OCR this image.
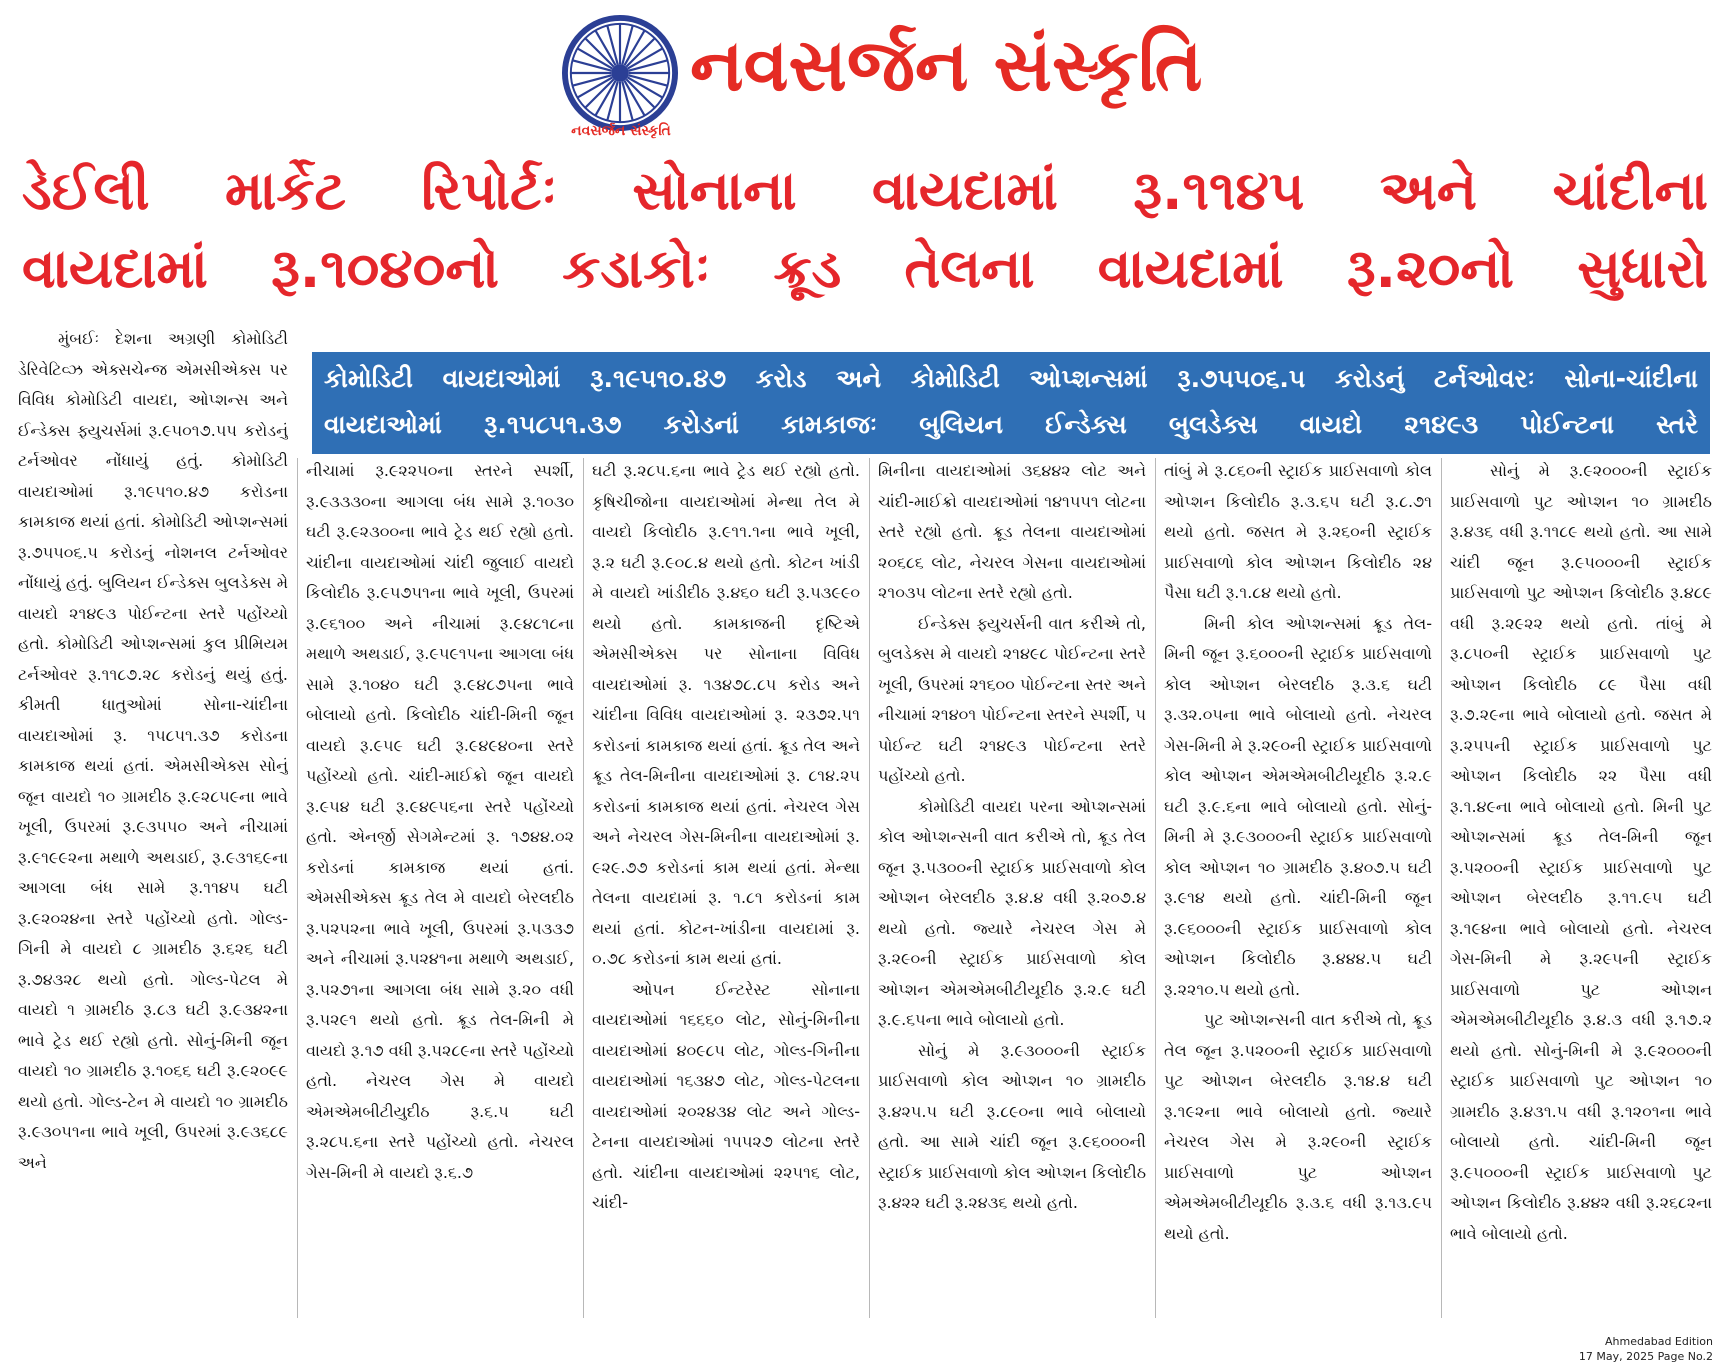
નવસર્જન સંસ્કૃતિ
નવસર્જન સંસ્કૃતિ
ડેઈલી માર્કેટ રિપોર્ટઃ સોનાના વાયદામાં રૂ.૧૧૪૫ અને ચાંદીના
વાયદામાં રૂ.૧૦૪૦નો કડાકોઃ ક્રૂડ તેલના વાયદામાં રૂ.૨૦નો સુધારો
કોમોડિટી વાયદાઓમાં રૂ.૧૯૫૧૦.૪૭ કરોડ અને કોમોડિટી ઓપ્શન્સમાં રૂ.૭૫૫૦૬.૫ કરોડનું ટર્નઓવરઃ સોના-ચાંદીના
વાયદાઓમાં રૂ.૧૫૮૫૧.૩૭ કરોડનાં કામકાજઃ બુલિયન ઈન્ડેક્સ બુલડેક્સ વાયદો ૨૧૪૯૩ પોઈન્ટના સ્તરે

મુંબઈઃ દેશના અગ્રણી કોમોડિટી ડેરિવેટિવ્ઝ એક્સચેન્જ એમસીએક્સ પર વિવિધ કોમોડિટી વાયદા, ઓપ્શન્સ અને ઈન્ડેક્સ ફ્યુચર્સમાં રૂ.૯૫૦૧૭.૫૫ કરોડનું ટર્નઓવર નોંધાયું હતું. કોમોડિટી વાયદાઓમાં રૂ.૧૯૫૧૦.૪૭ કરોડના કામકાજ થયાં હતાં. કોમોડિટી ઓપ્શન્સમાં રૂ.૭૫૫૦૬.૫ કરોડનું નોશનલ ટર્નઓવર નોંધાયું હતું. બુલિયન ઈન્ડેક્સ બુલડેક્સ મે વાયદો ૨૧૪૯૩ પોઈન્ટના સ્તરે પહોંચ્યો હતો. કોમોડિટી ઓપ્શન્સમાં કુલ પ્રીમિયમ ટર્નઓવર રૂ.૧૧૮૭.૨૮ કરોડનું થયું હતું. કીમતી ધાતુઓમાં સોના-ચાંદીના વાયદાઓમાં રૂ. ૧૫૮૫૧.૩૭ કરોડના કામકાજ થયાં હતાં. એમસીએક્સ સોનું જૂન વાયદો ૧૦ ગ્રામદીઠ રૂ.૯૨૮૫૯ના ભાવે ખૂલી, ઉપરમાં રૂ.૯૩૫૫૦ અને નીચામાં રૂ.૯૧૯૯૨ના મથાળે અથડાઈ, રૂ.૯૩૧૬૯ના આગલા બંધ સામે રૂ.૧૧૪૫ ઘટી રૂ.૯૨૦૨૪ના સ્તરે પહોંચ્યો હતો. ગોલ્ડ-ગિની મે વાયદો ૮ ગ્રામદીઠ રૂ.૬૨૬ ઘટી રૂ.૭૪૩૨૮ થયો હતો. ગોલ્ડ-પેટલ મે વાયદો ૧ ગ્રામદીઠ રૂ.૮૩ ઘટી રૂ.૯૩૪૨ના ભાવે ટ્રેડ થઈ રહ્યો હતો. સોનું-મિની જૂન વાયદો ૧૦ ગ્રામદીઠ રૂ.૧૦૬૬ ઘટી રૂ.૯૨૦૯૯ થયો હતો. ગોલ્ડ-ટેન મે વાયદો ૧૦ ગ્રામદીઠ રૂ.૯૩૦૫૧ના ભાવે ખૂલી, ઉપરમાં રૂ.૯૩૬૮૯ અને

નીચામાં રૂ.૯૨૨૫૦ના સ્તરને સ્પર્શી, રૂ.૯૩૩૩૦ના આગલા બંધ સામે રૂ.૧૦૩૦ ઘટી રૂ.૯૨૩૦૦ના ભાવે ટ્રેડ થઈ રહ્યો હતો. ચાંદીના વાયદાઓમાં ચાંદી જુલાઈ વાયદો કિલોદીઠ રૂ.૯૫૭૫૧ના ભાવે ખૂલી, ઉપરમાં રૂ.૯૬૧૦૦ અને નીચામાં રૂ.૯૪૮૧૮ના મથાળે અથડાઈ, રૂ.૯૫૯૧૫ના આગલા બંધ સામે રૂ.૧૦૪૦ ઘટી રૂ.૯૪૮૭૫ના ભાવે બોલાયો હતો. કિલોદીઠ ચાંદી-મિની જૂન વાયદો રૂ.૯૫૯ ઘટી રૂ.૯૪૯૪૦ના સ્તરે પહોંચ્યો હતો. ચાંદી-માઈક્રો જૂન વાયદો રૂ.૯૫૪ ઘટી રૂ.૯૪૯૫૬ના સ્તરે પહોંચ્યો હતો. એનર્જી સેગમેન્ટમાં રૂ. ૧૭૪૪.૦૨ કરોડનાં કામકાજ થયાં હતાં. એમસીએક્સ ક્રૂડ તેલ મે વાયદો બેરલદીઠ રૂ.૫૨૫૨ના ભાવે ખૂલી, ઉપરમાં રૂ.૫૩૩૭ અને નીચામાં રૂ.૫૨૪૧ના મથાળે અથડાઈ, રૂ.૫૨૭૧ના આગલા બંધ સામે રૂ.૨૦ વધી રૂ.૫૨૯૧ થયો હતો. ક્રૂડ તેલ-મિની મે વાયદો રૂ.૧૭ વધી રૂ.૫૨૮૯ના સ્તરે પહોંચ્યો હતો. નેચરલ ગેસ મે વાયદો એમએમબીટીયુદીઠ રૂ.૬.૫ ઘટી રૂ.૨૮૫.૬ના સ્તરે પહોંચ્યો હતો. નેચરલ ગેસ-મિની મે વાયદો રૂ.૬.૭

ઘટી રૂ.૨૮૫.૬ના ભાવે ટ્રેડ થઈ રહ્યો હતો. કૃષિચીજોના વાયદાઓમાં મેન્થા તેલ મે વાયદો કિલોદીઠ રૂ.૯૧૧.૧ના ભાવે ખૂલી, રૂ.૨ ઘટી રૂ.૯૦૮.૪ થયો હતો. કોટન ખાંડી મે વાયદો ખાંડીદીઠ રૂ.૪૬૦ ઘટી રૂ.૫૩૯૯૦ થયો હતો. કામકાજની દૃષ્ટિએ એમસીએક્સ પર સોનાના વિવિધ વાયદાઓમાં રૂ. ૧૩૪૭૮.૮૫ કરોડ અને ચાંદીના વિવિધ વાયદાઓમાં રૂ. ૨૩૭૨.૫૧ કરોડનાં કામકાજ થયાં હતાં. ક્રૂડ તેલ અને ક્રૂડ તેલ-મિનીના વાયદાઓમાં રૂ. ૮૧૪.૨૫ કરોડનાં કામકાજ થયાં હતાં. નેચરલ ગેસ અને નેચરલ ગેસ-મિનીના વાયદાઓમાં રૂ. ૯૨૯.૭૭ કરોડનાં કામ થયાં હતાં. મેન્થા તેલના વાયદામાં રૂ. ૧.૮૧ કરોડનાં કામ થયાં હતાં. કોટન-ખાંડીના વાયદામાં રૂ. ૦.૭૮ કરોડનાં કામ થયાં હતાં.

ઓપન ઈન્ટરેસ્ટ સોનાના વાયદાઓમાં ૧૬૬૬૦ લોટ, સોનું-મિનીના વાયદાઓમાં ૪૦૯૮૫ લોટ, ગોલ્ડ-ગિનીના વાયદાઓમાં ૧૬૩૪૭ લોટ, ગોલ્ડ-પેટલના વાયદાઓમાં ૨૦૨૪૩૪ લોટ અને ગોલ્ડ-ટેનના વાયદાઓમાં ૧૫૫૨૭ લોટના સ્તરે હતો. ચાંદીના વાયદાઓમાં ૨૨૫૧૬ લોટ, ચાંદી-

મિનીના વાયદાઓમાં ૩૬૪૪૨ લોટ અને ચાંદી-માઈક્રો વાયદાઓમાં ૧૪૧૫૫૧ લોટના સ્તરે રહ્યો હતો. ક્રૂડ તેલના વાયદાઓમાં ૨૦૬૮૬ લોટ, નેચરલ ગેસના વાયદાઓમાં ૨૧૦૩૫ લોટના સ્તરે રહ્યો હતો.

ઈન્ડેક્સ ફ્યુચર્સની વાત કરીએ તો, બુલડેક્સ મે વાયદો ૨૧૪૯૮ પોઈન્ટના સ્તરે ખૂલી, ઉપરમાં ૨૧૬૦૦ પોઈન્ટના સ્તર અને નીચામાં ૨૧૪૦૧ પોઈન્ટના સ્તરને સ્પર્શી, ૫ પોઈન્ટ ઘટી ૨૧૪૯૩ પોઈન્ટના સ્તરે પહોંચ્યો હતો.

કોમોડિટી વાયદા પરના ઓપ્શન્સમાં કોલ ઓપ્શન્સની વાત કરીએ તો, ક્રૂડ તેલ જૂન રૂ.૫૩૦૦ની સ્ટ્રાઈક પ્રાઈસવાળો કોલ ઓપ્શન બેરલદીઠ રૂ.૪.૪ વધી રૂ.૨૦૭.૪ થયો હતો. જ્યારે નેચરલ ગેસ મે રૂ.૨૯૦ની સ્ટ્રાઈક પ્રાઈસવાળો કોલ ઓપ્શન એમએમબીટીયૂદીઠ રૂ.૨.૯ ઘટી રૂ.૯.૬૫ના ભાવે બોલાયો હતો.

સોનું મે રૂ.૯૩૦૦૦ની સ્ટ્રાઈક પ્રાઈસવાળો કોલ ઓપ્શન ૧૦ ગ્રામદીઠ રૂ.૪૨૫.૫ ઘટી રૂ.૮૯૦ના ભાવે બોલાયો હતો. આ સામે ચાંદી જૂન રૂ.૯૬૦૦૦ની સ્ટ્રાઈક પ્રાઈસવાળો કોલ ઓપ્શન કિલોદીઠ રૂ.૪૨૨ ઘટી રૂ.૨૪૩૬ થયો હતો.

તાંબું મે રૂ.૮૬૦ની સ્ટ્રાઈક પ્રાઈસવાળો કોલ ઓપ્શન કિલોદીઠ રૂ.૩.૬૫ ઘટી રૂ.૮.૭૧ થયો હતો. જસત મે રૂ.૨૬૦ની સ્ટ્રાઈક પ્રાઈસવાળો કોલ ઓપ્શન કિલોદીઠ ૨૪ પૈસા ઘટી રૂ.૧.૮૪ થયો હતો.

મિની કોલ ઓપ્શન્સમાં ક્રૂડ તેલ-મિની જૂન રૂ.૬૦૦૦ની સ્ટ્રાઈક પ્રાઈસવાળો કોલ ઓપ્શન બેરલદીઠ રૂ.૩.૬ ઘટી રૂ.૩૨.૦૫ના ભાવે બોલાયો હતો. નેચરલ ગેસ-મિની મે રૂ.૨૯૦ની સ્ટ્રાઈક પ્રાઈસવાળો કોલ ઓપ્શન એમએમબીટીયૂદીઠ રૂ.૨.૯ ઘટી રૂ.૯.૬ના ભાવે બોલાયો હતો. સોનું-મિની મે રૂ.૯૩૦૦૦ની સ્ટ્રાઈક પ્રાઈસવાળો કોલ ઓપ્શન ૧૦ ગ્રામદીઠ રૂ.૪૦૭.૫ ઘટી રૂ.૯૧૪ થયો હતો. ચાંદી-મિની જૂન રૂ.૯૬૦૦૦ની સ્ટ્રાઈક પ્રાઈસવાળો કોલ ઓપ્શન કિલોદીઠ રૂ.૪૪૪.૫ ઘટી રૂ.૨૨૧૦.૫ થયો હતો.

પુટ ઓપ્શન્સની વાત કરીએ તો, ક્રૂડ તેલ જૂન રૂ.૫૨૦૦ની સ્ટ્રાઈક પ્રાઈસવાળો પુટ ઓપ્શન બેરલદીઠ રૂ.૧૪.૪ ઘટી રૂ.૧૯૨ના ભાવે બોલાયો હતો. જ્યારે નેચરલ ગેસ મે રૂ.૨૯૦ની સ્ટ્રાઈક પ્રાઈસવાળો પુટ ઓપ્શન એમએમબીટીયૂદીઠ રૂ.૩.૬ વધી રૂ.૧૩.૯૫ થયો હતો.

સોનું મે રૂ.૯૨૦૦૦ની સ્ટ્રાઈક પ્રાઈસવાળો પુટ ઓપ્શન ૧૦ ગ્રામદીઠ રૂ.૪૩૬ વધી રૂ.૧૧૮૯ થયો હતો. આ સામે ચાંદી જૂન રૂ.૯૫૦૦૦ની સ્ટ્રાઈક પ્રાઈસવાળો પુટ ઓપ્શન કિલોદીઠ રૂ.૪૮૯ વધી રૂ.૨૯૨૨ થયો હતો. તાંબું મે રૂ.૮૫૦ની સ્ટ્રાઈક પ્રાઈસવાળો પુટ ઓપ્શન કિલોદીઠ ૮૯ પૈસા વધી રૂ.૭.૨૯ના ભાવે બોલાયો હતો. જસત મે રૂ.૨૫૫ની સ્ટ્રાઈક પ્રાઈસવાળો પુટ ઓપ્શન કિલોદીઠ ૨૨ પૈસા વધી રૂ.૧.૪૯ના ભાવે બોલાયો હતો. મિની પુટ ઓપ્શન્સમાં ક્રૂડ તેલ-મિની જૂન રૂ.૫૨૦૦ની સ્ટ્રાઈક પ્રાઈસવાળો પુટ ઓપ્શન બેરલદીઠ રૂ.૧૧.૯૫ ઘટી રૂ.૧૯૪ના ભાવે બોલાયો હતો. નેચરલ ગેસ-મિની મે રૂ.૨૯૫ની સ્ટ્રાઈક પ્રાઈસવાળો પુટ ઓપ્શન એમએમબીટીયૂદીઠ રૂ.૪.૩ વધી રૂ.૧૭.૨ થયો હતો. સોનું-મિની મે રૂ.૯૨૦૦૦ની સ્ટ્રાઈક પ્રાઈસવાળો પુટ ઓપ્શન ૧૦ ગ્રામદીઠ રૂ.૪૩૧.૫ વધી રૂ.૧૨૦૧ના ભાવે બોલાયો હતો. ચાંદી-મિની જૂન રૂ.૯૫૦૦૦ની સ્ટ્રાઈક પ્રાઈસવાળો પુટ ઓપ્શન કિલોદીઠ રૂ.૪૪૨ વધી રૂ.૨૬૮૨ના ભાવે બોલાયો હતો.

Ahmedabad Edition
17 May, 2025 Page No.2
